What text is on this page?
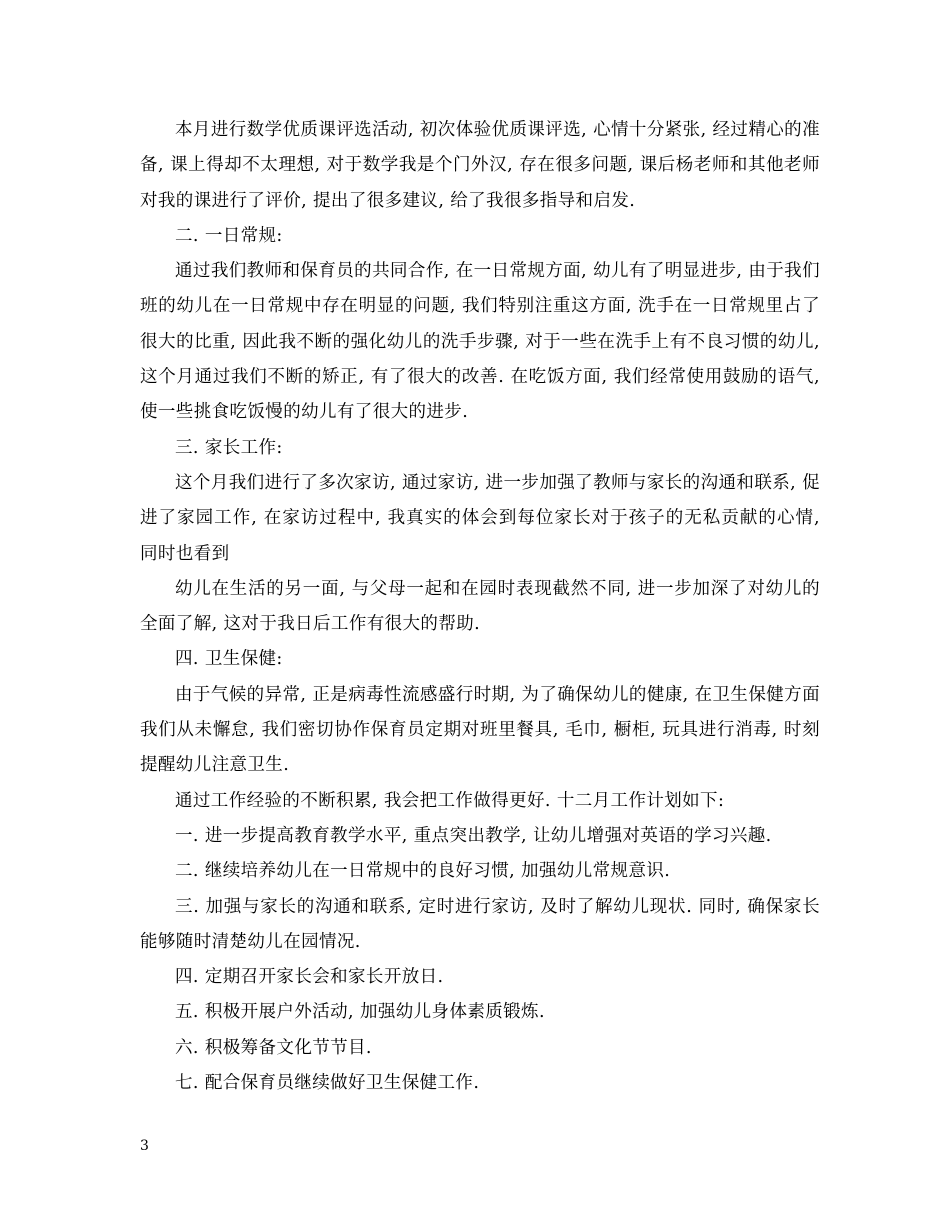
本月进行数学优质课评选活动, 初次体验优质课评选, 心情十分紧张, 经过精心的准备, 课上得却不太理想, 对于数学我是个门外汉, 存在很多问题, 课后杨老师和其他老师对我的课进行了评价, 提出了很多建议, 给了我很多指导和启发.

二. 一日常规:

通过我们教师和保育员的共同合作, 在一日常规方面, 幼儿有了明显进步, 由于我们班的幼儿在一日常规中存在明显的问题, 我们特别注重这方面, 洗手在一日常规里占了很大的比重, 因此我不断的强化幼儿的洗手步骤, 对于一些在洗手上有不良习惯的幼儿, 这个月通过我们不断的矫正, 有了很大的改善. 在吃饭方面, 我们经常使用鼓励的语气, 使一些挑食吃饭慢的幼儿有了很大的进步.

三. 家长工作:

这个月我们进行了多次家访, 通过家访, 进一步加强了教师与家长的沟通和联系, 促进了家园工作, 在家访过程中, 我真实的体会到每位家长对于孩子的无私贡献的心情, 同时也看到

幼儿在生活的另一面, 与父母一起和在园时表现截然不同, 进一步加深了对幼儿的全面了解, 这对于我日后工作有很大的帮助.

四. 卫生保健:

由于气候的异常, 正是病毒性流感盛行时期, 为了确保幼儿的健康, 在卫生保健方面我们从未懈怠, 我们密切协作保育员定期对班里餐具, 毛巾, 橱柜, 玩具进行消毒, 时刻提醒幼儿注意卫生.

通过工作经验的不断积累, 我会把工作做得更好. 十二月工作计划如下:

一. 进一步提高教育教学水平, 重点突出教学, 让幼儿增强对英语的学习兴趣.

二. 继续培养幼儿在一日常规中的良好习惯, 加强幼儿常规意识.

三. 加强与家长的沟通和联系, 定时进行家访, 及时了解幼儿现状. 同时, 确保家长能够随时清楚幼儿在园情况.

四. 定期召开家长会和家长开放日.

五. 积极开展户外活动, 加强幼儿身体素质锻炼.

六. 积极筹备文化节节目.

七. 配合保育员继续做好卫生保健工作.

3
